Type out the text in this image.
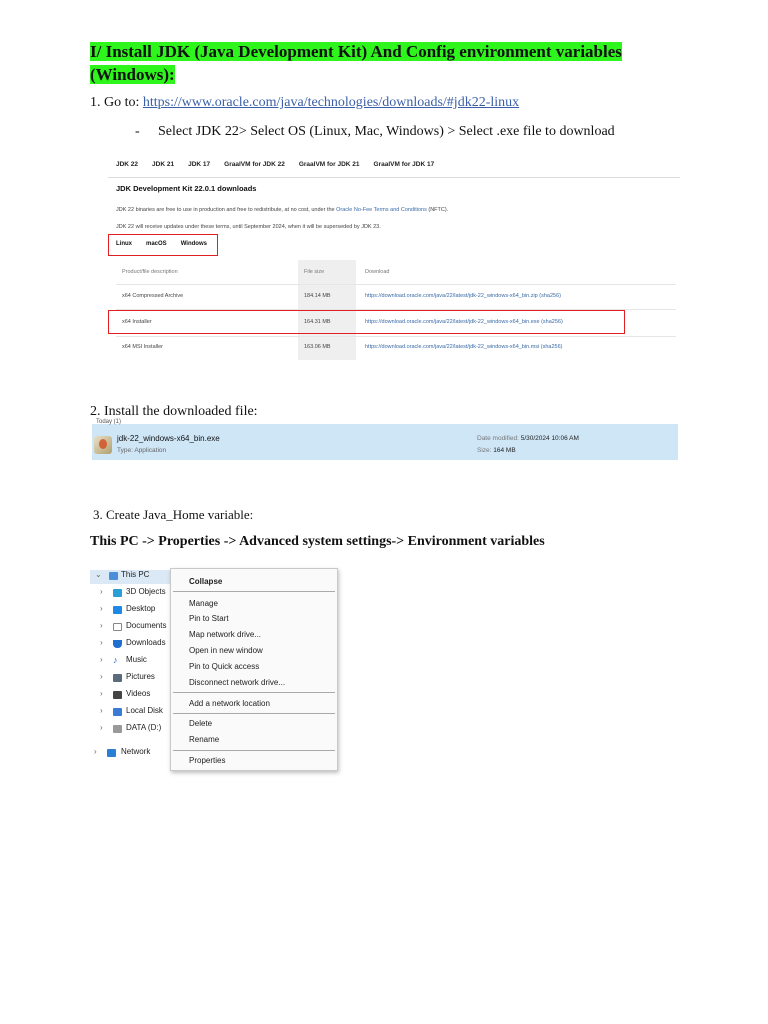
I/ Install JDK (Java Development Kit) And Config environment variables (Windows):
1. Go to: https://www.oracle.com/java/technologies/downloads/#jdk22-linux
- Select JDK 22> Select OS (Linux, Mac, Windows) > Select .exe file to download
JDK 22 JDK 21 JDK 17 GraalVM for JDK 22 GraalVM for JDK 21 GraalVM for JDK 17
JDK Development Kit 22.0.1 downloads
JDK 22 binaries are free to use in production and free to redistribute, at no cost, under the Oracle No-Fee Terms and Conditions (NFTC).
JDK 22 will receive updates under these terms, until September 2024, when it will be superseded by JDK 23.
Linux macOS Windows
Product/file description	File size	Download
x64 Compressed Archive	184.14 MB	https://download.oracle.com/java/22/latest/jdk-22_windows-x64_bin.zip (sha256)
x64 Installer	164.31 MB	https://download.oracle.com/java/22/latest/jdk-22_windows-x64_bin.exe (sha256)
x64 MSI Installer	163.06 MB	https://download.oracle.com/java/22/latest/jdk-22_windows-x64_bin.msi (sha256)
2. Install the downloaded file:
Today (1)
jdk-22_windows-x64_bin.exe
Type: Application
Date modified: 5/30/2024 10:06 AM
Size: 164 MB
3. Create Java_Home variable:
This PC -> Properties -> Advanced system settings-> Environment variables
⌄ This PC
›	3D Objects
›	Desktop
›	Documents
›	Downloads
› ♪	Music
›	Pictures
›	Videos
›	Local Disk
›	DATA (D:)
›	Network
Collapse
Manage
Pin to Start
Map network drive...
Open in new window
Pin to Quick access
Disconnect network drive...
Add a network location
Delete
Rename
Properties
